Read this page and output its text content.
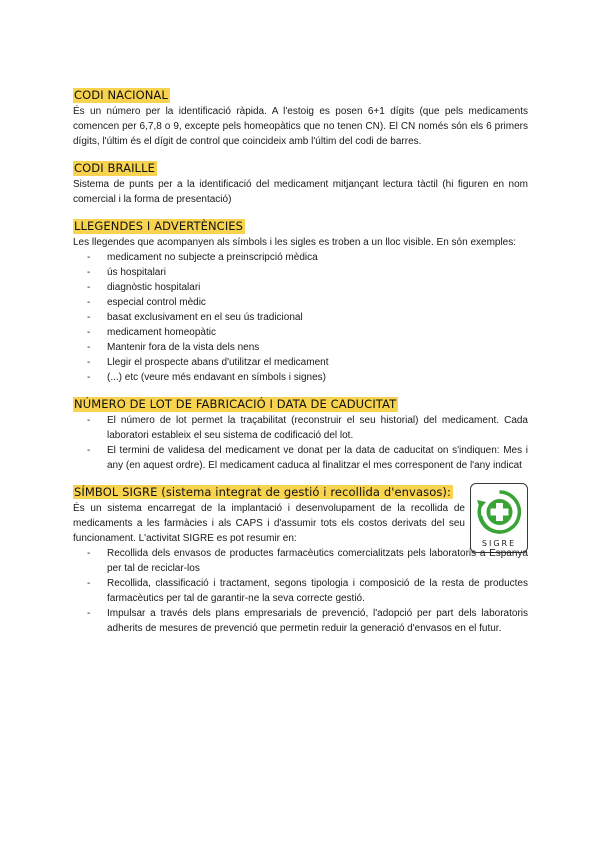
CODI NACIONAL

És un número per la identificació ràpida. A l'estoig es posen 6+1 dígits (que pels medicaments comencen per 6,7,8 o 9, excepte pels homeopàtics que no tenen CN). El CN només són els 6 primers dígits, l'últim és el dígit de control que coincideix amb l'últim del codi de barres.

CODI BRAILLE

Sistema de punts per a la identificació del medicament mitjançant lectura tàctil (hi figuren en nom comercial i la forma de presentació)

LLEGENDES I ADVERTÈNCIES

Les llegendes que acompanyen als símbols i les sigles es troben a un lloc visible. En són exemples:

- medicament no subjecte a preinscripció mèdica
- ús hospitalari
- diagnòstic hospitalari
- especial control mèdic
- basat exclusivament en el seu ús tradicional
- medicament homeopàtic
- Mantenir fora de la vista dels nens
- Llegir el prospecte abans d'utilitzar el medicament
- (...) etc (veure més endavant en símbols i signes)
NÚMERO DE LOT DE FABRICACIÓ I DATA DE CADUCITAT
- El número de lot permet la traçabilitat (reconstruir el seu historial) del medicament. Cada laboratori estableix el seu sistema de codificació del lot.
- El termini de validesa del medicament ve donat per la data de caducitat on s'indiquen: Mes i any (en aquest ordre). El medicament caduca al finalitzar el mes corresponent de l'any indicat
SÍMBOL SIGRE (sistema integrat de gestió i recollida d'envasos):
SIGRE

És un sistema encarregat de la implantació i desenvolupament de la recollida de medicaments a les farmàcies i als CAPS i d'assumir tots els costos derivats del seu funcionament. L'activitat SIGRE es pot resumir en:

- Recollida dels envasos de productes farmacèutics comercialitzats pels laboratoris a Espanya per tal de reciclar-los
- Recollida, classificació i tractament, segons tipologia i composició de la resta de productes farmacèutics per tal de garantir-ne la seva correcte gestió.
- Impulsar a través dels plans empresarials de prevenció, l'adopció per part dels laboratoris adherits de mesures de prevenció que permetin reduir la generació d'envasos en el futur.
